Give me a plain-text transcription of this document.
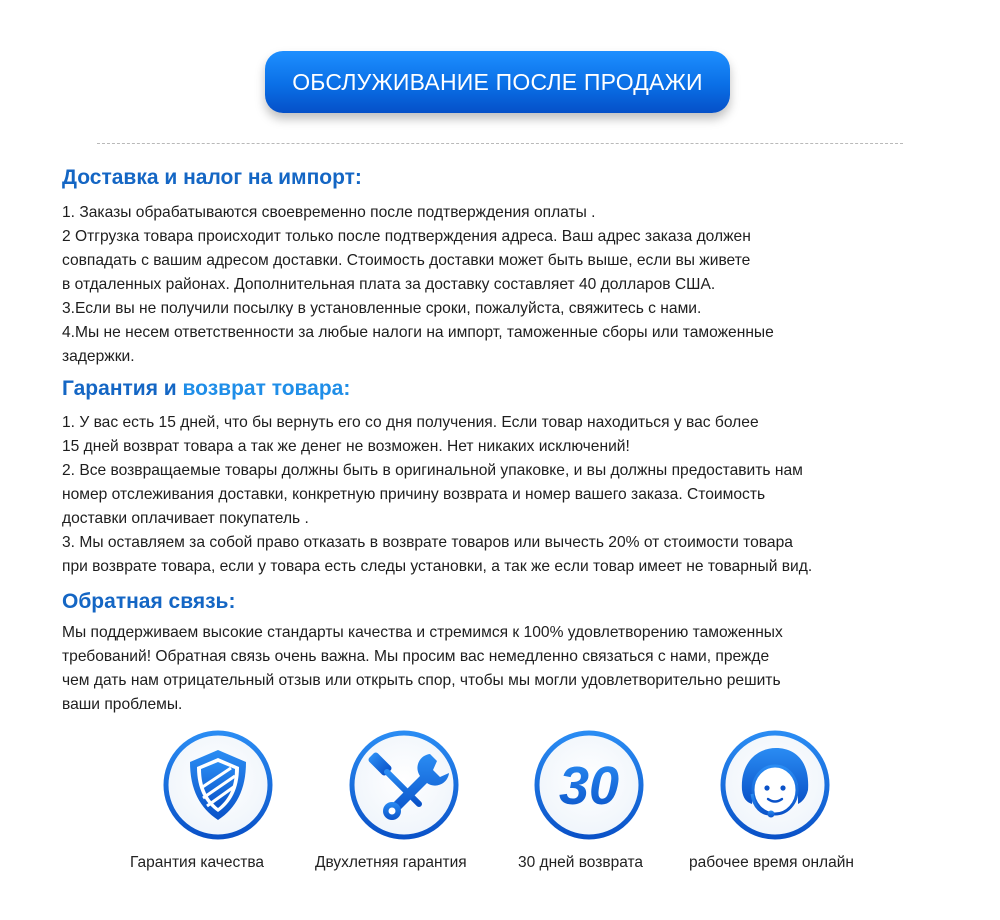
ОБСЛУЖИВАНИЕ ПОСЛЕ ПРОДАЖИ
Доставка и налог на импорт:
1. Заказы обрабатываются своевременно после подтверждения оплаты .
2 Отгрузка товара происходит только после подтверждения адреса. Ваш адрес заказа должен
совпадать с вашим адресом доставки. Стоимость доставки может быть выше, если вы живете
в отдаленных районах. Дополнительная плата за доставку составляет 40 долларов США.
3.Если вы не получили посылку в установленные сроки, пожалуйста, свяжитесь с нами.
4.Мы не несем ответственности за любые налоги на импорт, таможенные сборы или таможенные
задержки.
Гарантия и возврат товара:
1. У вас есть 15 дней, что бы вернуть его со дня получения. Если товар находиться у вас более
15 дней возврат товара а так же денег не возможен. Нет никаких исключений!
2. Все возвращаемые товары должны быть в оригинальной упаковке, и вы должны предоставить нам
номер отслеживания доставки, конкретную причину возврата и номер вашего заказа. Стоимость
доставки оплачивает покупатель .
3. Мы оставляем за собой право отказать в возврате товаров или вычесть 20% от стоимости товара
при возврате товара, если у товара есть следы установки, а так же если товар имеет не товарный вид.
Обратная связь:
Мы поддерживаем высокие стандарты качества и стремимся к 100% удовлетворению таможенных
требований! Обратная связь очень важна. Мы просим вас немедленно связаться с нами, прежде
чем дать нам отрицательный отзыв или открыть спор, чтобы мы могли удовлетворительно решить
ваши проблемы.
Гарантия качества	Двухлетняя гарантия
30
30 дней возврата	рабочее время онлайн
